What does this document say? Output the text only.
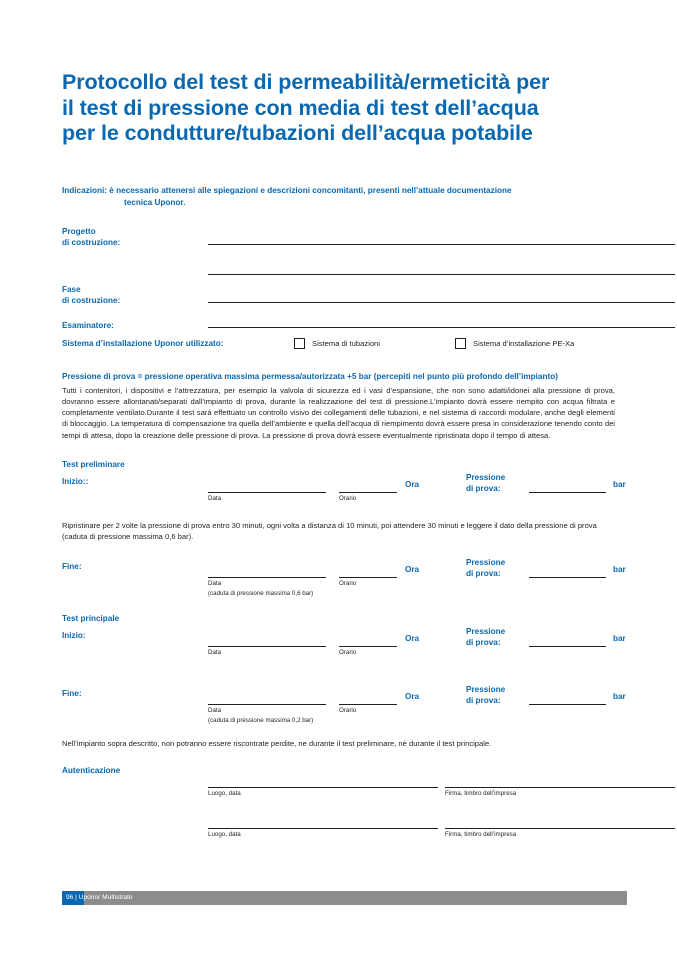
Protocollo del test di permeabilità/ermeticità per
il test di pressione con media di test dell’acqua
per le condutture/tubazioni dell’acqua potabile
Indicazioni: è necessario attenersi alle spiegazioni e descrizioni concomitanti, presenti nell’attuale documentazione
tecnica Uponor.
Progetto
di costruzione:
Fase
di costruzione:
Esaminatore:
Sistema d’installazione Uponor utilizzato:	Sistema di tubazioni	Sistema d’installazione PE-Xa
Pressione di prova = pressione operativa massima permessa/autorizzata +5 bar (percepiti nel punto più profondo dell’impianto)
Tutti i contenitori, i dispositivi e l’attrezzatura, per esempio la valvola di sicurezza ed i vasi d’espansione, che non sono adatti/idonei alla pressione di prova, dovranno essere allontanati/separati dall’impianto di prova, durante la realizzazione del test di pressione.L’impianto dovrà essere riempito con acqua filtrata e completamente ventilato.Durante il test sarà effettuato un controllo visivo dei collegamenti delle tubazioni, e nel sistema di raccordi modulare, anche degli elementi di bloccaggio. La temperatura di compensazione tra quella dell’ambiente e quella dell’acqua di riempimento dovrà essere presa in considerazione tenendo conto dei tempi di attesa, dopo la creazione delle pressione di prova. La pressione di prova dovrà essere eventualmente ripristinata dopo il tempo di attesa.
Test preliminare
Inizio::	Ora
Pressione
di prova:	bar
Data	Orario
Ripristinare per 2 volte la pressione di prova entro 30 minuti, ogni volta a distanza di 10 minuti, poi attendere 30 minuti e leggere il dato della pressione di prova (caduta di pressione massima 0,6 bar).
Fine:	Ora
Pressione
di prova:	bar
Data	Orario
(caduta di pressione massima 0,6 bar)
Test principale
Inizio:	Ora
Pressione
di prova:	bar
Data	Orario
Fine:	Ora
Pressione
di prova:	bar
Data	Orario
(caduta di pressione massima 0,2 bar)
Nell’impianto sopra descritto, non potranno essere riscontrate perdite, ne durante il test preliminare, nè durante il test principale.
Autenticazione
Luogo, data	Firma, timbro dell’impresa
Luogo, data	Firma, timbro dell’impresa
96 | Uponor Multistrato
